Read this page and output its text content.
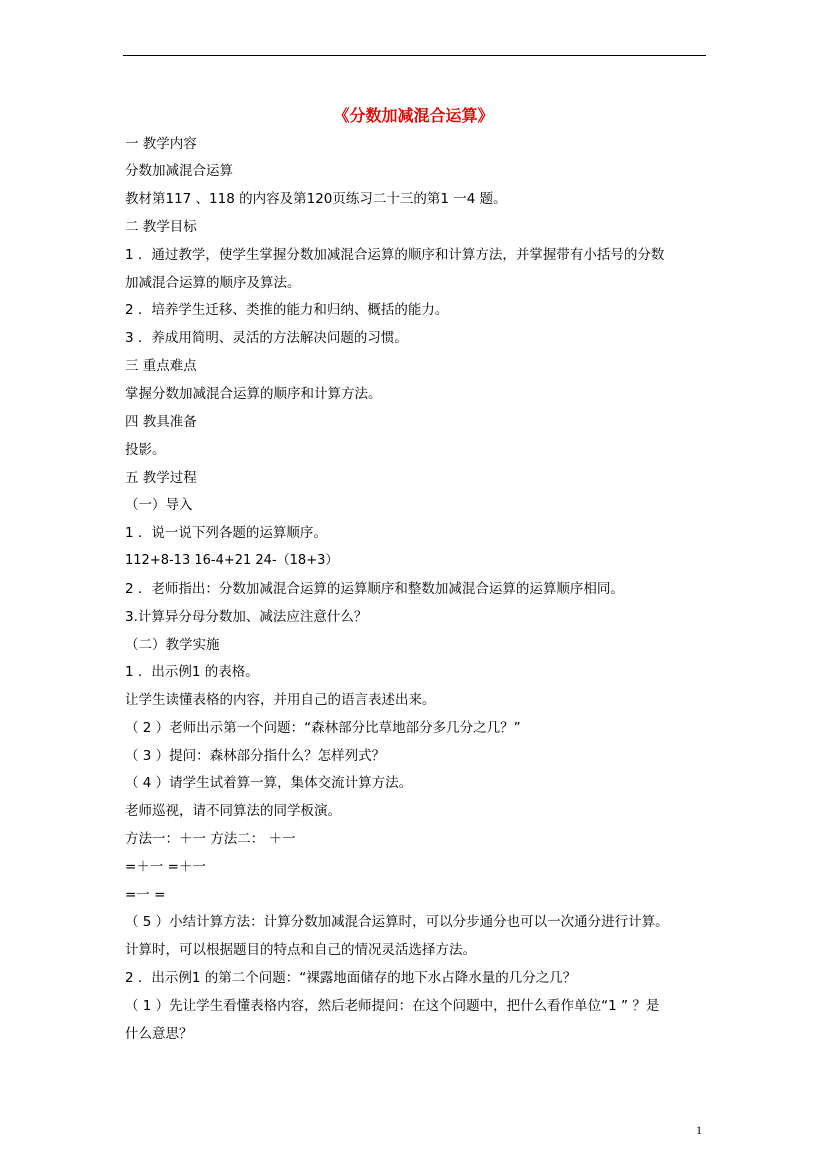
《分数加减混合运算》
一 教学内容
分数加减混合运算
教材第117 、118 的内容及第120页练习二十三的第1 一4 题。
二 教学目标
1 ．通过教学，使学生掌握分数加减混合运算的顺序和计算方法，并掌握带有小括号的分数
加减混合运算的顺序及算法。
2 ．培养学生迁移、类推的能力和归纳、概括的能力。
3 ．养成用简明、灵活的方法解决问题的习惯。
三 重点难点
掌握分数加减混合运算的顺序和计算方法。
四 教具准备
投影。
五 教学过程
（一）导入
1 ．说一说下列各题的运算顺序。
112+8-13 16-4+21 24-（18+3）
2 ．老师指出：分数加减混合运算的运算顺序和整数加减混合运算的运算顺序相同。
3.计算异分母分数加、减法应注意什么？
（二）教学实施
1 ．出示例1 的表格。
让学生读懂表格的内容，并用自己的语言表述出来。
（ 2 ）老师出示第一个问题：“森林部分比草地部分多几分之几？”
（ 3 ）提问：森林部分指什么？怎样列式？
（ 4 ）请学生试着算一算，集体交流计算方法。
老师巡视，请不同算法的同学板演。
方法一：＋一 方法二： ＋一
=＋一 =＋一
=一 =
（ 5 ）小结计算方法：计算分数加减混合运算时，可以分步通分也可以一次通分进行计算。
计算时，可以根据题目的特点和自己的情况灵活选择方法。
2 ．出示例1 的第二个问题：“裸露地面储存的地下水占降水量的几分之几？
（ 1 ）先让学生看懂表格内容，然后老师提问：在这个问题中，把什么看作单位“1 ” ？是
什么意思？
1
